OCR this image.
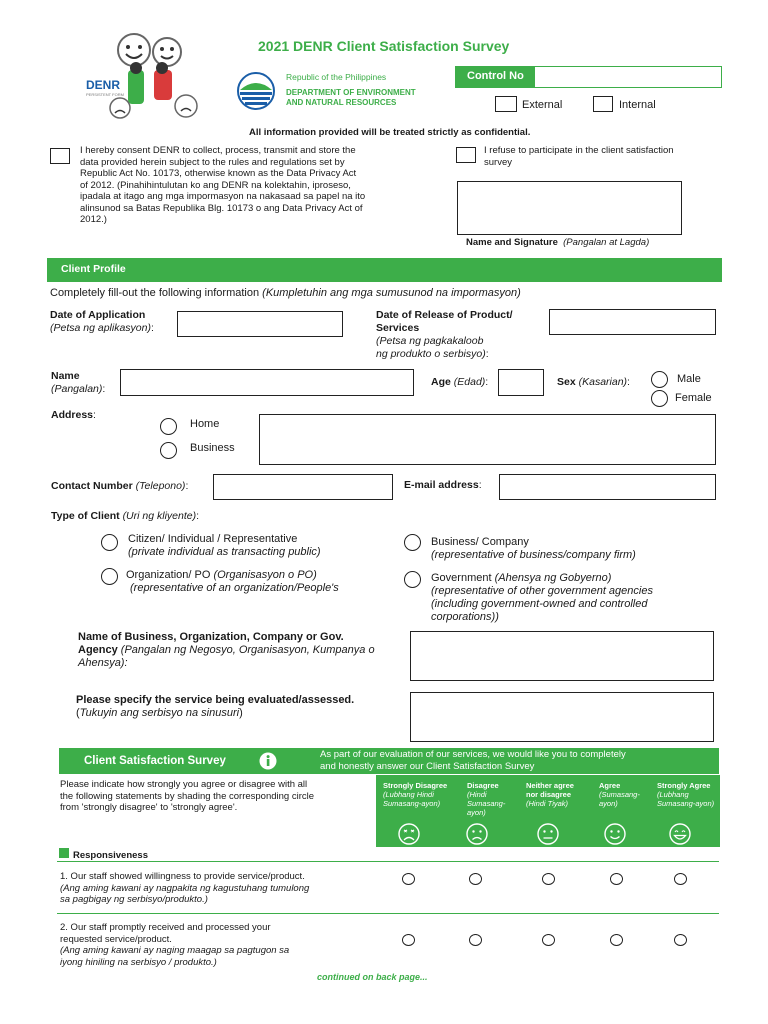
DENR
PERSISTENT FORM
Republic of the Philippines
DEPARTMENT OF ENVIRONMENT
AND NATURAL RESOURCES
2021 DENR Client Satisfaction Survey
Control No
External	Internal
All information provided will be treated strictly as confidential.
I hereby consent DENR to collect, process, transmit and store the
data provided herein subject to the rules and regulations set by
Republic Act No. 10173, otherwise known as the Data Privacy Act
of 2012. (Pinahihintulutan ko ang DENR na kolektahin, iproseso,
ipadala at itago ang mga impormasyon na nakasaad sa papel na ito
alinsunod sa Batas Republika Blg. 10173 o ang Data Privacy Act of
2012.)
I refuse to participate in the client satisfaction
survey
Name and Signature (Pangalan at Lagda)
Client Profile
Completely fill-out the following information (Kumpletuhin ang mga sumusunod na impormasyon)
Date of Application
(Petsa ng aplikasyon):
Date of Release of Product/
Services
(Petsa ng pagkakaloob
ng produkto o serbisyo):
Name
(Pangalan):
Age (Edad):	Sex (Kasarian):	Male
Female
Address:
Home
Business
Contact Number (Telepono):	E-mail address:
Type of Client (Uri ng kliyente):
Citizen/ Individual / Representative
(private individual as transacting public)
Organization/ PO (Organisasyon o PO)
(representative of an organization/People's
Business/ Company
(representative of business/company firm)
Government (Ahensya ng Gobyerno)
(representative of other government agencies
(including government-owned and controlled
corporations))
Name of Business, Organization, Company or Gov.
Agency (Pangalan ng Negosyo, Organisasyon, Kumpanya o
Ahensya):
Please specify the service being evaluated/assessed.
(Tukuyin ang serbisyo na sinusuri)
Client Satisfaction Survey
As part of our evaluation of our services, we would like you to completely
and honestly answer our Client Satisfaction Survey
Please indicate how strongly you agree or disagree with all
the following statements by shading the corresponding circle
from 'strongly disagree' to 'strongly agree'.
Strongly Disagree
(Lubhang Hindi Sumasang-ayon)
Disagree
(Hindi Sumasang-ayon)
Neither agree nor disagree
(Hindi Tiyak)
Agree
(Sumasang-ayon)
Strongly Agree
(Lubhang Sumasang-ayon)
Responsiveness
1. Our staff showed willingness to provide service/product.
(Ang aming kawani ay nagpakita ng kagustuhang tumulong
sa pagbigay ng serbisyo/produkto.)
2. Our staff promptly received and processed your
requested service/product.
(Ang aming kawani ay naging maagap sa pagtugon sa
iyong hiniling na serbisyo / produkto.)
continued on back page...
